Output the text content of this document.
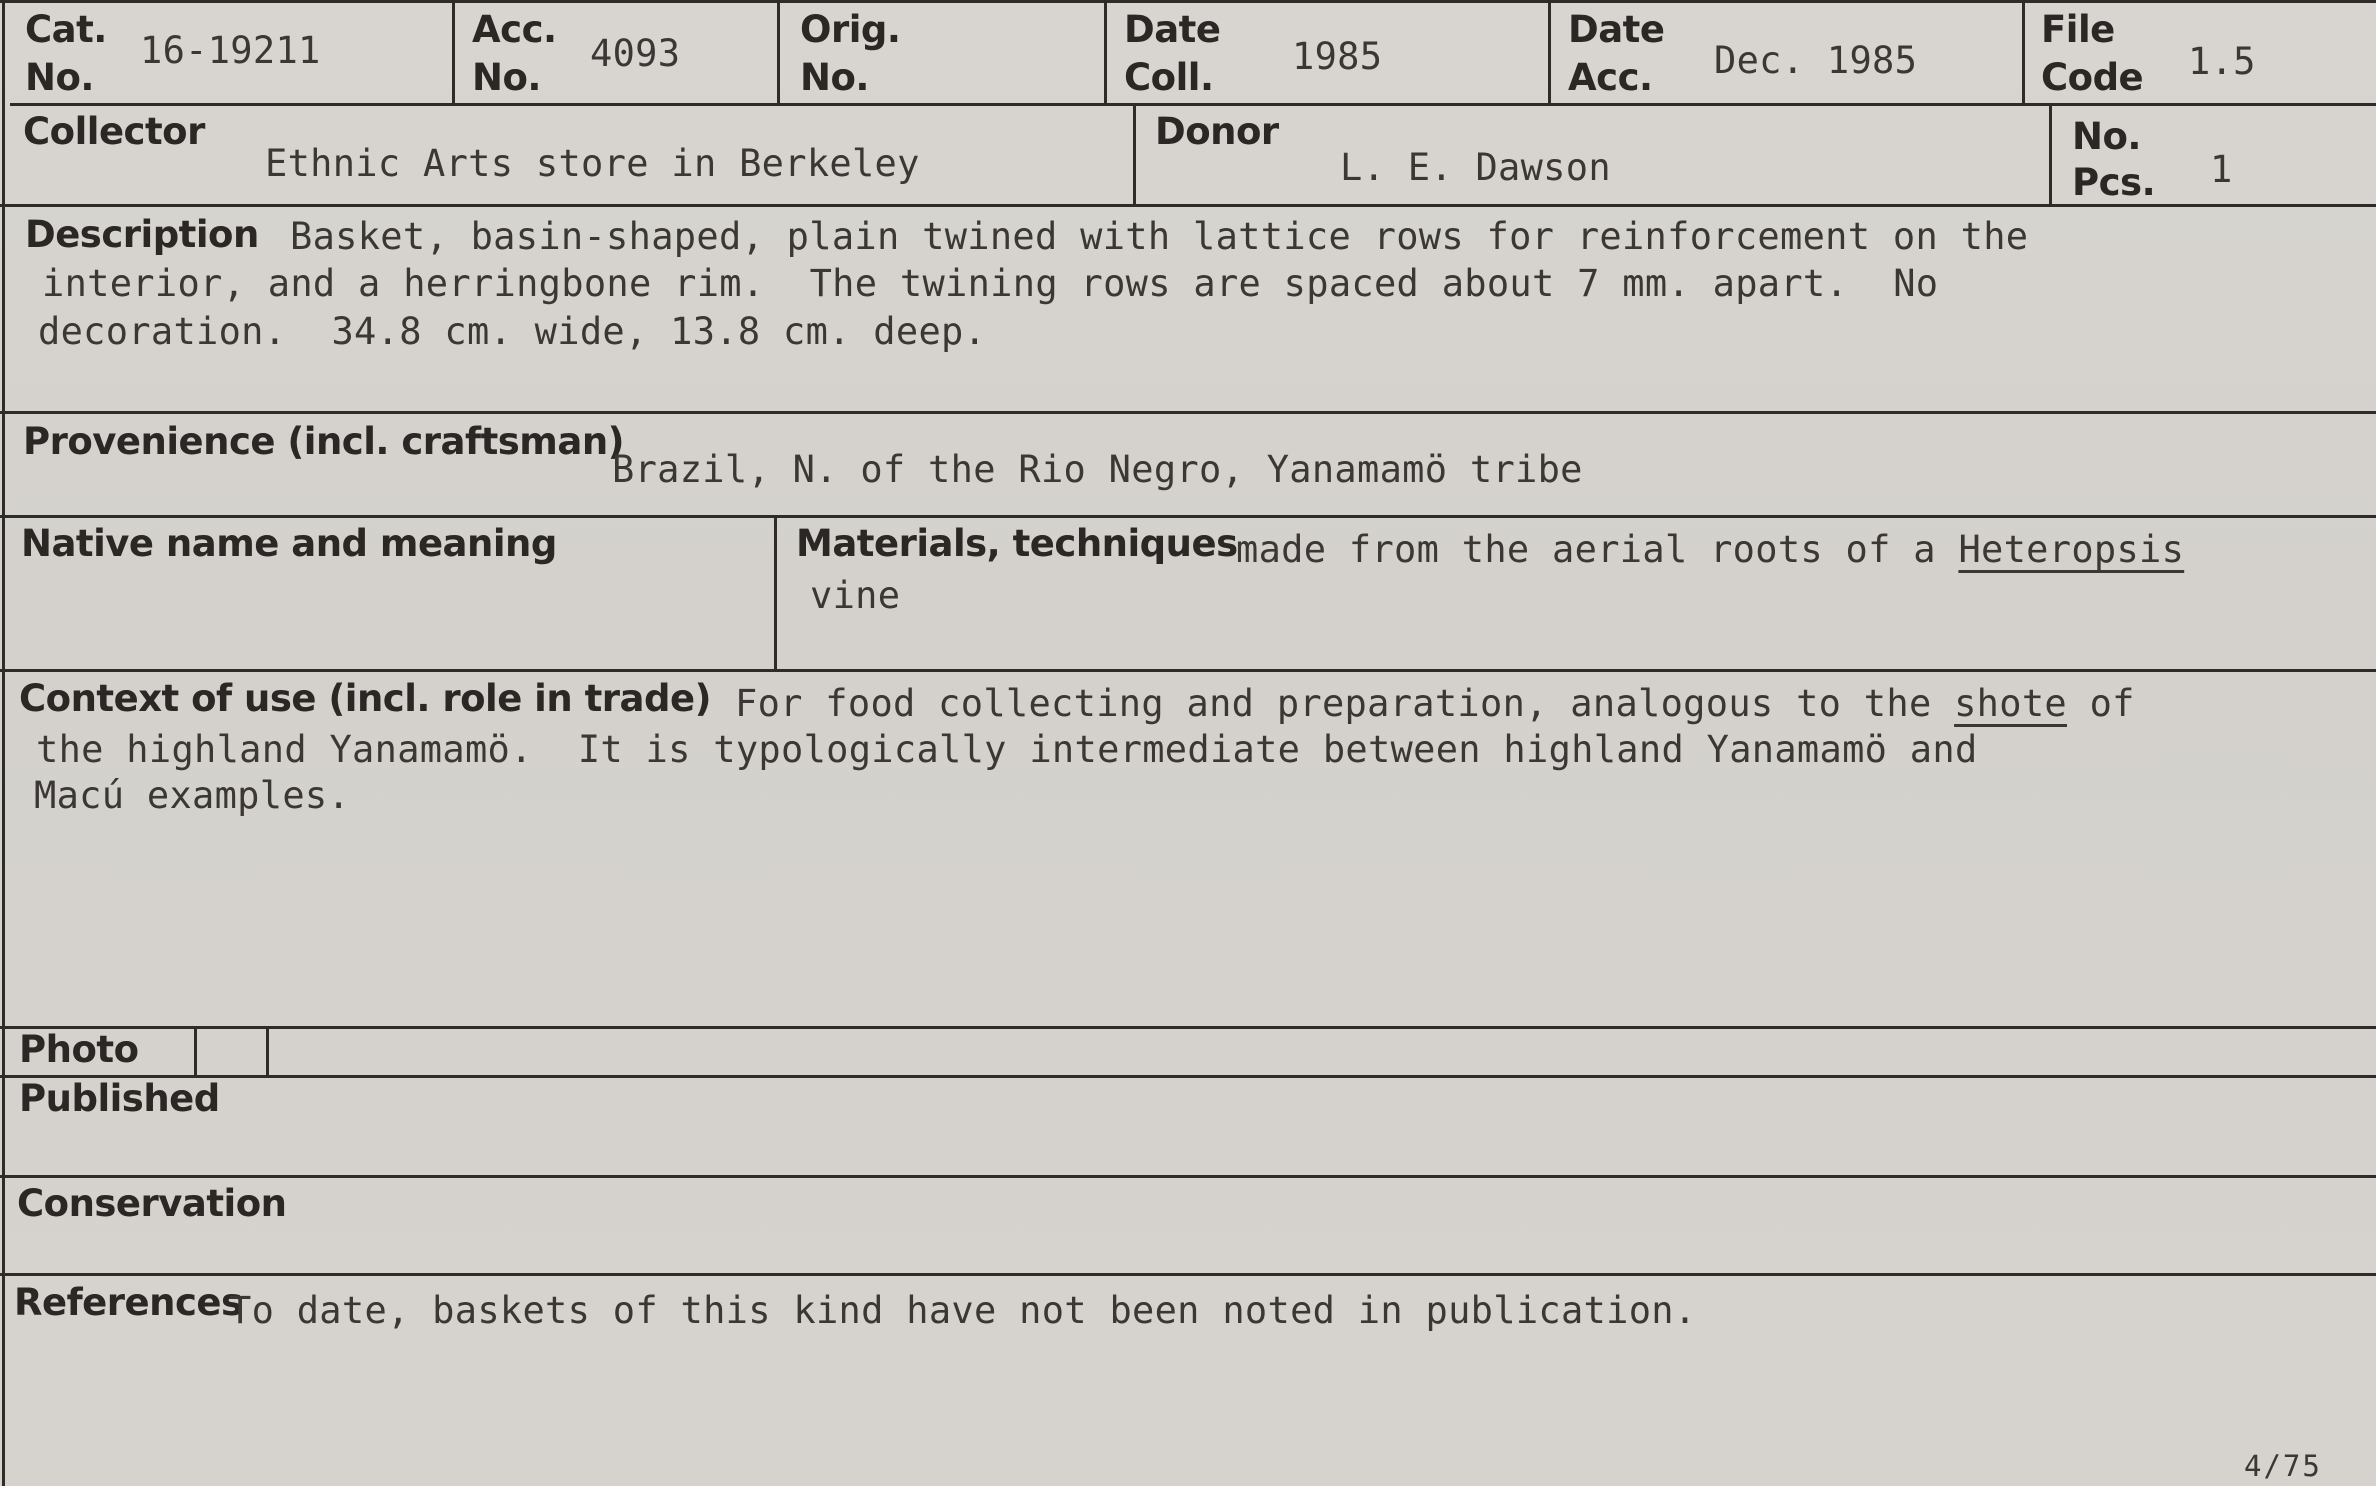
Cat.
No.
16-19211	Acc.
No.
4093
Orig.
No.
Date
Coll. 1985
Date
Acc. Dec. 1985
File
Code 1.5
Collector
Ethnic Arts store in Berkeley
Donor
L. E. Dawson
No.
Pcs. 1
Description Basket, basin-shaped, plain twined with lattice rows for reinforcement on the
interior, and a herringbone rim.  The twining rows are spaced about 7 mm. apart.  No
decoration.  34.8 cm. wide, 13.8 cm. deep.
Provenience (incl. craftsman)
Brazil, N. of the Rio Negro, Yanamamö tribe
Native name and meaning	Materials, techniques
made from the aerial roots of a Heteropsis
vine
Context of use (incl. role in trade) For food collecting and preparation, analogous to the shote of
the highland Yanamamö.  It is typologically intermediate between highland Yanamamö and
Macú examples.
Photo
Published
Conservation
References
To date, baskets of this kind have not been noted in publication.
4/75
